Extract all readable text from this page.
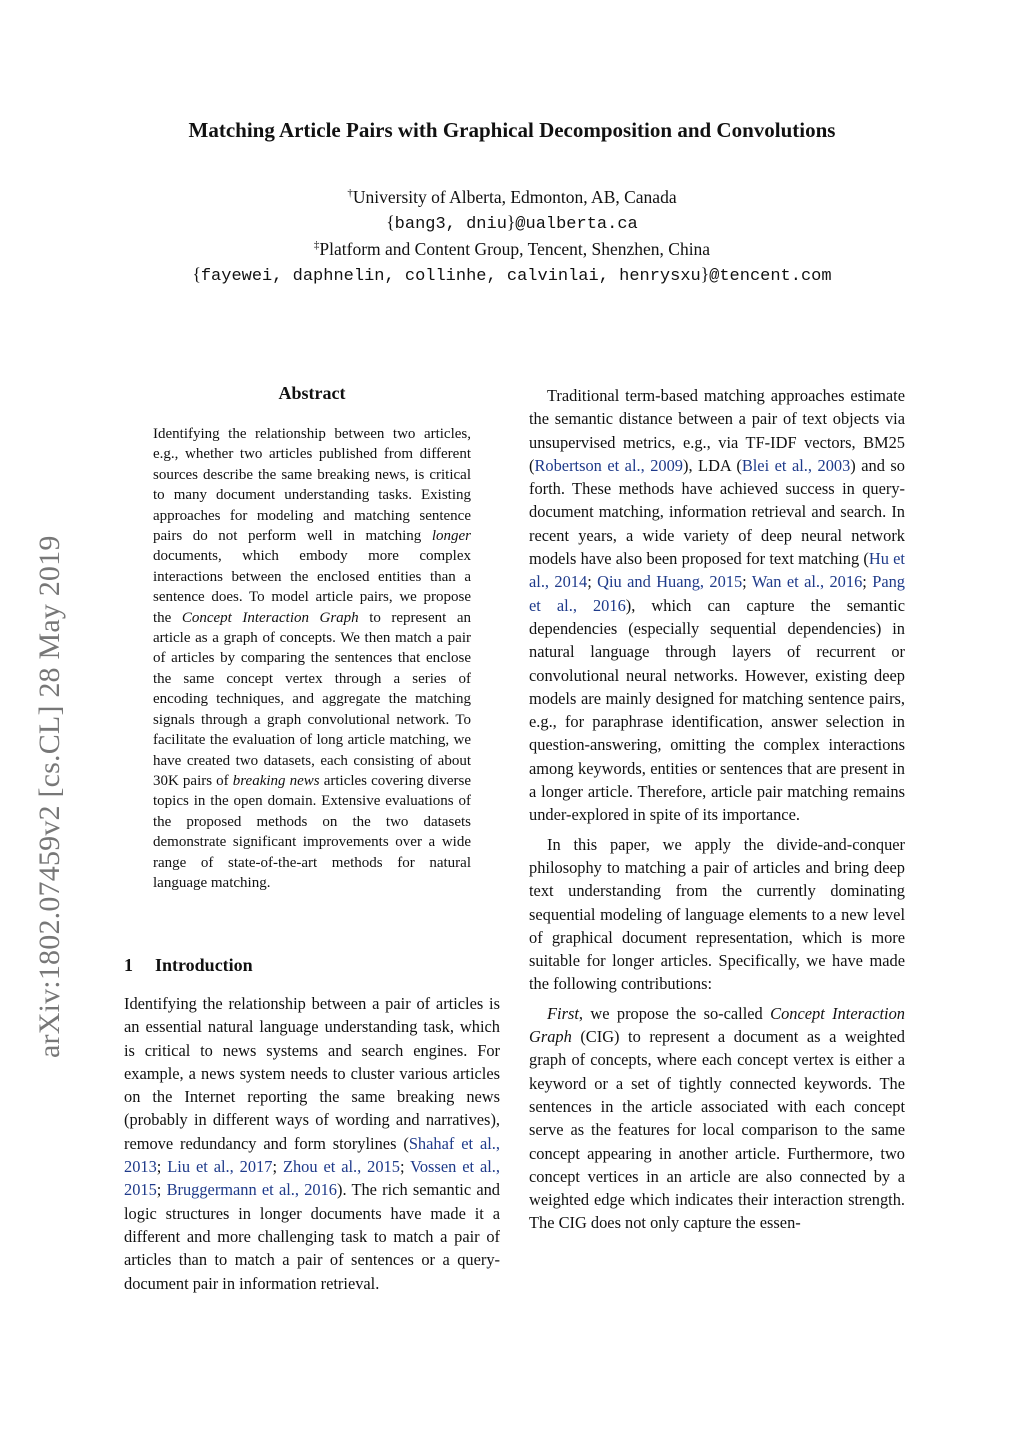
Matching Article Pairs with Graphical Decomposition and Convolutions
†University of Alberta, Edmonton, AB, Canada
{bang3, dniu}@ualberta.ca
‡Platform and Content Group, Tencent, Shenzhen, China
{fayewei, daphnelin, collinhe, calvinlai, henrysxu}@tencent.com
arXiv:1802.07459v2 [cs.CL] 28 May 2019
Abstract

Identifying the relationship between two articles, e.g., whether two articles published from different sources describe the same breaking news, is critical to many document understanding tasks. Existing approaches for modeling and matching sentence pairs do not perform well in matching longer documents, which embody more complex interactions between the enclosed entities than a sentence does. To model article pairs, we propose the Concept Interaction Graph to represent an article as a graph of concepts. We then match a pair of articles by comparing the sentences that enclose the same concept vertex through a series of encoding techniques, and aggregate the matching signals through a graph convolutional network. To facilitate the evaluation of long article matching, we have created two datasets, each consisting of about 30K pairs of breaking news articles covering diverse topics in the open domain. Extensive evaluations of the proposed methods on the two datasets demonstrate significant improvements over a wide range of state-of-the-art methods for natural language matching.

1 Introduction

Identifying the relationship between a pair of articles is an essential natural language understanding task, which is critical to news systems and search engines. For example, a news system needs to cluster various articles on the Internet reporting the same breaking news (probably in different ways of wording and narratives), remove redundancy and form storylines (Shahaf et al., 2013; Liu et al., 2017; Zhou et al., 2015; Vossen et al., 2015; Bruggermann et al., 2016). The rich semantic and logic structures in longer documents have made it a different and more challenging task to match a pair of articles than to match a pair of sentences or a query-document pair in information retrieval.

Traditional term-based matching approaches estimate the semantic distance between a pair of text objects via unsupervised metrics, e.g., via TF-IDF vectors, BM25 (Robertson et al., 2009), LDA (Blei et al., 2003) and so forth. These methods have achieved success in query-document matching, information retrieval and search. In recent years, a wide variety of deep neural network models have also been proposed for text matching (Hu et al., 2014; Qiu and Huang, 2015; Wan et al., 2016; Pang et al., 2016), which can capture the semantic dependencies (especially sequential dependencies) in natural language through layers of recurrent or convolutional neural networks. However, existing deep models are mainly designed for matching sentence pairs, e.g., for paraphrase identification, answer selection in question-answering, omitting the complex interactions among keywords, entities or sentences that are present in a longer article. Therefore, article pair matching remains under-explored in spite of its importance.

In this paper, we apply the divide-and-conquer philosophy to matching a pair of articles and bring deep text understanding from the currently dominating sequential modeling of language elements to a new level of graphical document representation, which is more suitable for longer articles. Specifically, we have made the following contributions:

First, we propose the so-called Concept Interaction Graph (CIG) to represent a document as a weighted graph of concepts, where each concept vertex is either a keyword or a set of tightly connected keywords. The sentences in the article associated with each concept serve as the features for local comparison to the same concept appearing in another article. Furthermore, two concept vertices in an article are also connected by a weighted edge which indicates their interaction strength. The CIG does not only capture the essen-
